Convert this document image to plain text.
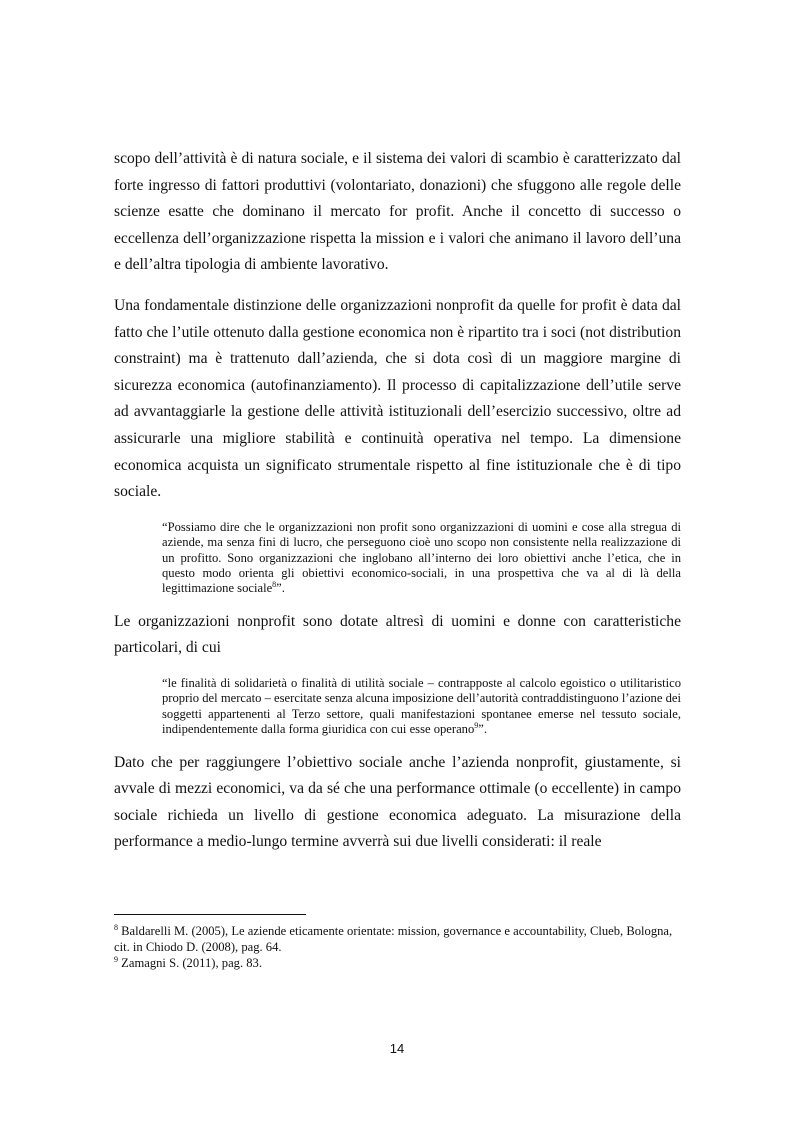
scopo dell’attività è di natura sociale, e il sistema dei valori di scambio è caratterizzato dal forte ingresso di fattori produttivi (volontariato, donazioni) che sfuggono alle regole delle scienze esatte che dominano il mercato for profit. Anche il concetto di successo o eccellenza dell’organizzazione rispetta la mission e i valori che animano il lavoro dell’una e dell’altra tipologia di ambiente lavorativo.

Una fondamentale distinzione delle organizzazioni nonprofit da quelle for profit è data dal fatto che l’utile ottenuto dalla gestione economica non è ripartito tra i soci (not distribution constraint) ma è trattenuto dall’azienda, che si dota così di un maggiore margine di sicurezza economica (autofinanziamento). Il processo di capitalizzazione dell’utile serve ad avvantaggiarle la gestione delle attività istituzionali dell’esercizio successivo, oltre ad assicurarle una migliore stabilità e continuità operativa nel tempo. La dimensione economica acquista un significato strumentale rispetto al fine istituzionale che è di tipo sociale.

“Possiamo dire che le organizzazioni non profit sono organizzazioni di uomini e cose alla stregua di aziende, ma senza fini di lucro, che perseguono cioè uno scopo non consistente nella realizzazione di un profitto. Sono organizzazioni che inglobano all’interno dei loro obiettivi anche l’etica, che in questo modo orienta gli obiettivi economico-sociali, in una prospettiva che va al di là della legittimazione sociale$^8$”.

Le organizzazioni nonprofit sono dotate altresì di uomini e donne con caratteristiche particolari, di cui

“le finalità di solidarietà o finalità di utilità sociale – contrapposte al calcolo egoistico o utilitaristico proprio del mercato – esercitate senza alcuna imposizione dell’autorità contraddistinguono l’azione dei soggetti appartenenti al Terzo settore, quali manifestazioni spontanee emerse nel tessuto sociale, indipendentemente dalla forma giuridica con cui esse operano$^9$”.

Dato che per raggiungere l’obiettivo sociale anche l’azienda nonprofit, giustamente, si avvale di mezzi economici, va da sé che una performance ottimale (o eccellente) in campo sociale richieda un livello di gestione economica adeguato. La misurazione della performance a medio-lungo termine avverrà sui due livelli considerati: il reale

$^8$ Baldarelli M. (2005), Le aziende eticamente orientate: mission, governance e accountability, Clueb, Bologna, cit. in Chiodo D. (2008), pag. 64.

$^9$ Zamagni S. (2011), pag. 83.

14
